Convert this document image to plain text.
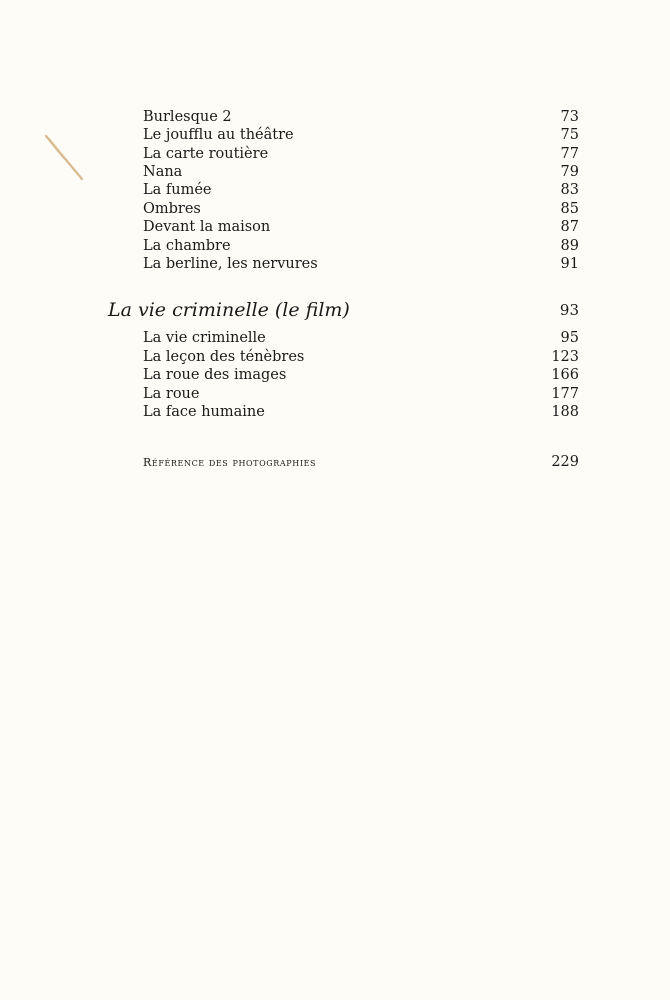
Burlesque 2	73
Le joufflu au théâtre	75
La carte routière	77
Nana	79
La fumée	83
Ombres	85
Devant la maison	87
La chambre	89
La berline, les nervures	91
La vie criminelle (le film)	93
La vie criminelle	95
La leçon des ténèbres	123
La roue des images	166
La roue	177
La face humaine	188
Référence des photographies	229
